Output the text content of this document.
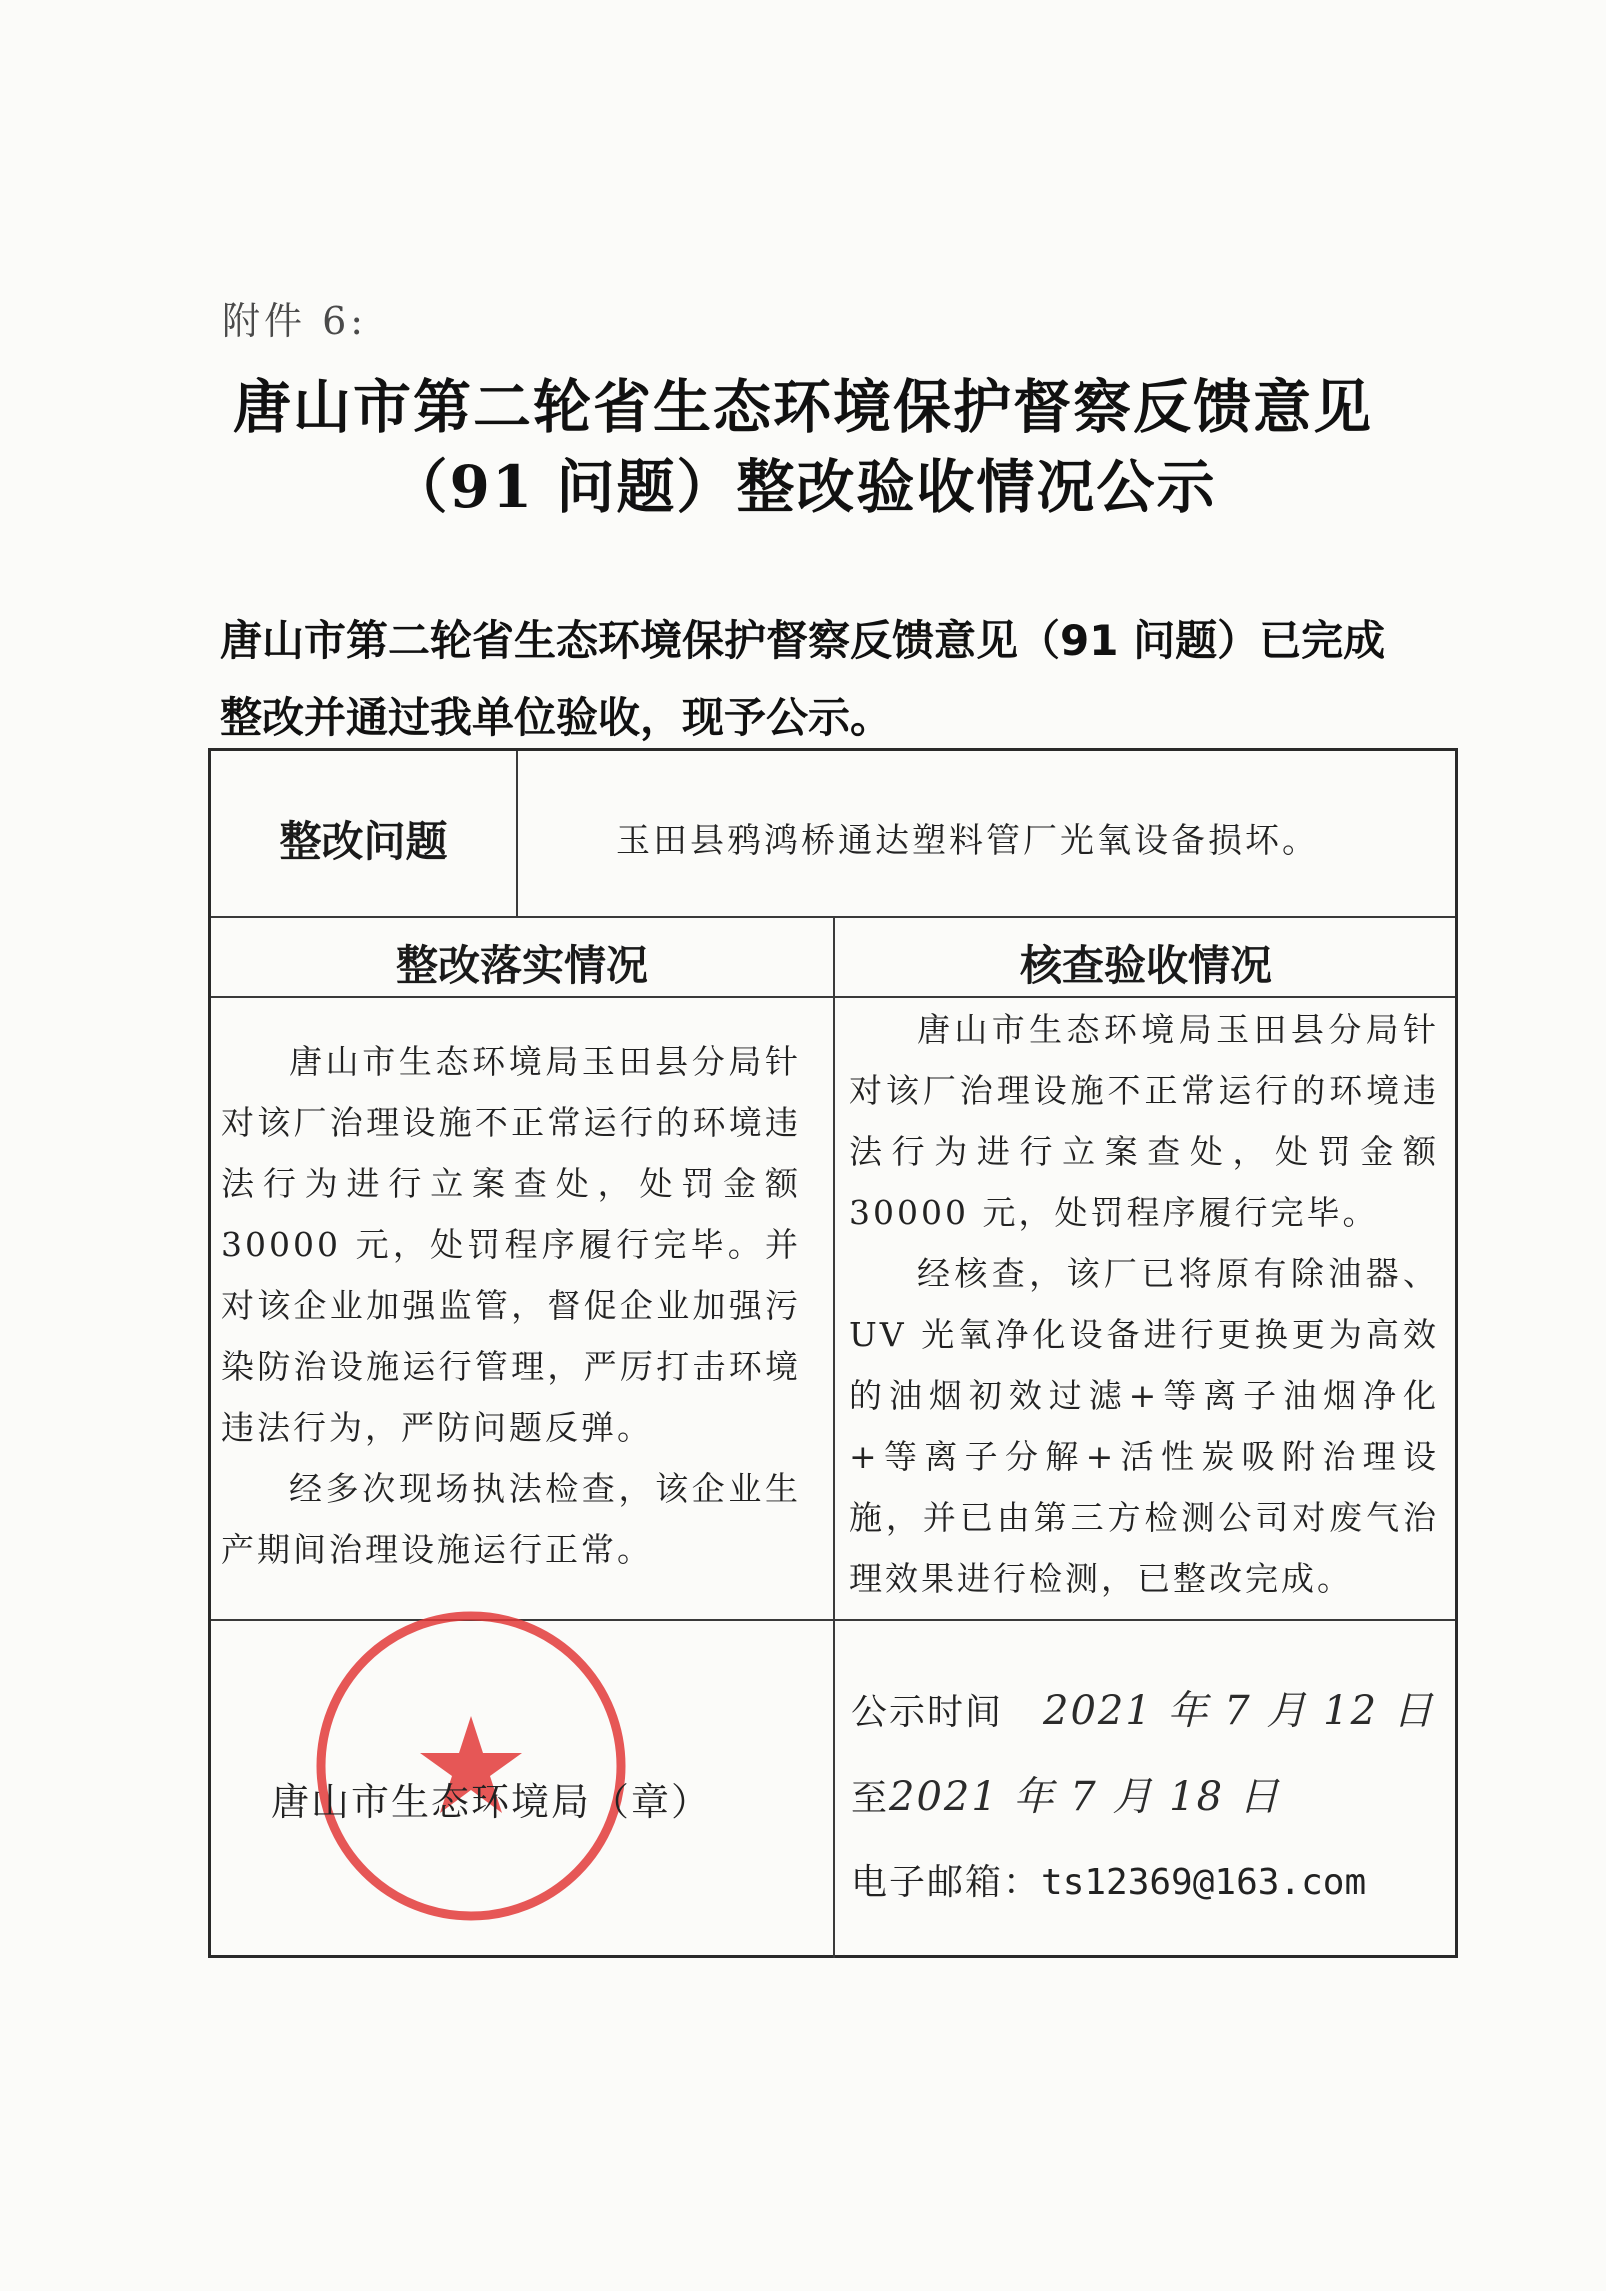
附件 6:
唐山市第二轮省生态环境保护督察反馈意见
（91 问题）整改验收情况公示
唐山市第二轮省生态环境保护督察反馈意见（91 问题）已完成
整改并通过我单位验收，现予公示。
整改问题	玉田县鸦鸿桥通达塑料管厂光氧设备损坏。
整改落实情况	核查验收情况

唐山市生态环境局玉田县分局针对该厂治理设施不正常运行的环境违法行为进行立案查处，处罚金额 30000 元，处罚程序履行完毕。并对该企业加强监管，督促企业加强污染防治设施运行管理，严厉打击环境违法行为，严防问题反弹。

经多次现场执法检查，该企业生产期间治理设施运行正常。

唐山市生态环境局玉田县分局针对该厂治理设施不正常运行的环境违法行为进行立案查处，处罚金额 30000 元，处罚程序履行完毕。

经核查，该厂已将原有除油器、UV 光氧净化设备进行更换更为高效的油烟初效过滤+等离子油烟净化+等离子分解+活性炭吸附治理设施，并已由第三方检测公司对废气治理效果进行检测，已整改完成。

唐山市生态环境局（章）
公示时间 2021 年 7 月 12 日
至2021 年 7 月 18 日
电子邮箱：ts12369@163.com
